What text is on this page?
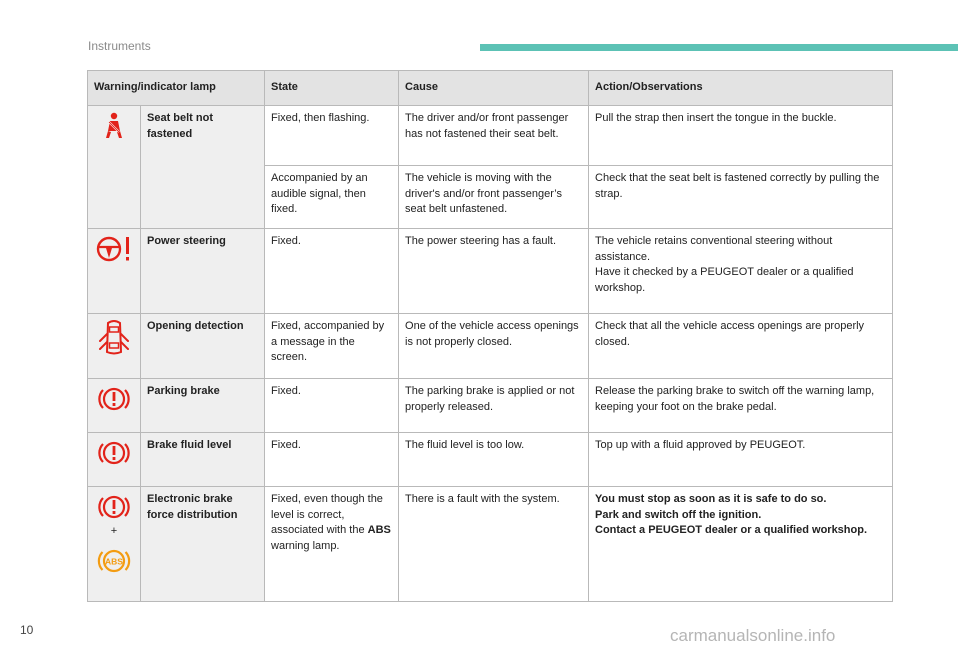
Instruments
Warning/indicator lamp		State	Cause	Action/Observations

	Seat belt not fastened	Fixed, then flashing.	The driver and/or front passenger has not fastened their seat belt.	Pull the strap then insert the tongue in the buckle.
		Accompanied by an audible signal, then fixed.	The vehicle is moving with the driver's and/or front passenger’s seat belt unfastened.	Check that the seat belt is fastened correctly by pulling the strap.

	Power steering	Fixed.	The power steering has a fault.	The vehicle retains conventional steering without assistance.
Have it checked by a PEUGEOT dealer or a qualified workshop.

	Opening detection	Fixed, accompanied by a message in the screen.	One of the vehicle access openings is not properly closed.	Check that all the vehicle access openings are properly closed.

	Parking brake	Fixed.	The parking brake is applied or not properly released.	Release the parking brake to switch off the warning lamp, keeping your foot on the brake pedal.

	Brake fluid level	Fixed.	The fluid level is too low.	Top up with a fluid approved by PEUGEOT.

+
ABS	Electronic brake force distribution	Fixed, even though the level is correct, associated with the ABS warning lamp.	There is a fault with the system.	You must stop as soon as it is safe to do so.
Park and switch off the ignition.
Contact a PEUGEOT dealer or a qualified workshop.
10	carmanualsonline.info
